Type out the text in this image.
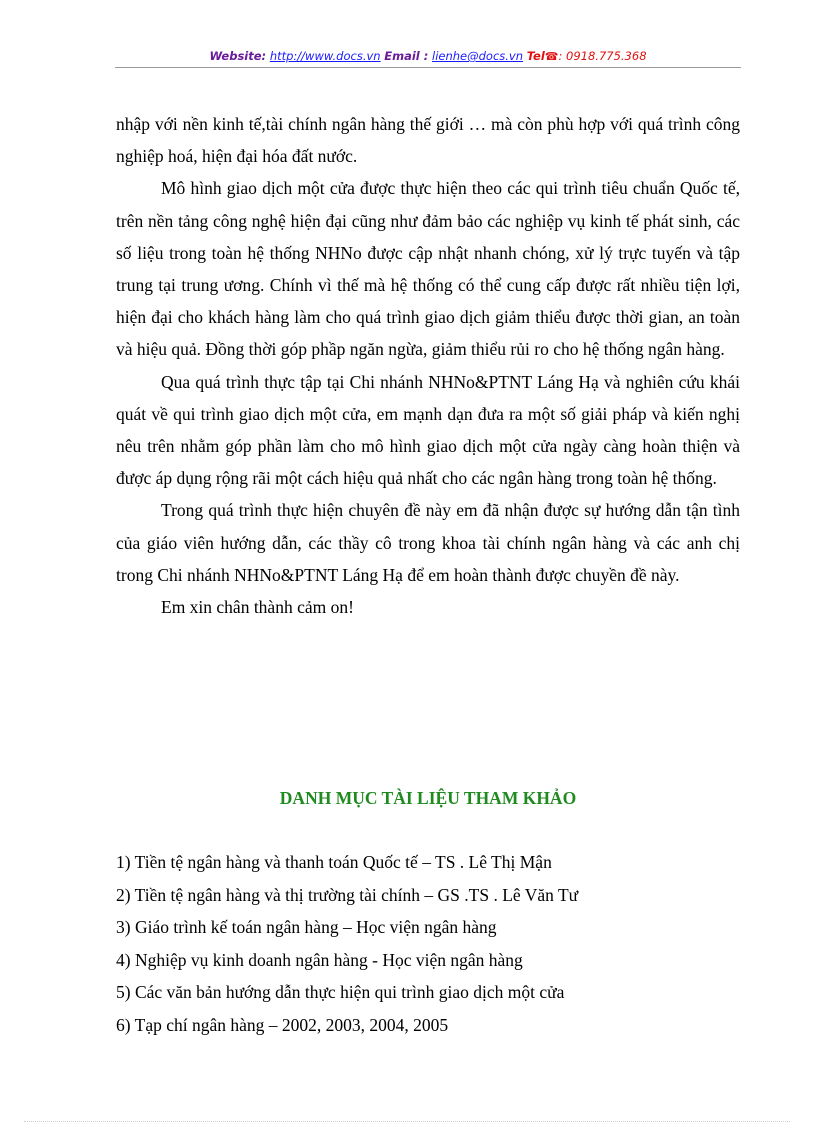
Website: http://www.docs.vn Email : lienhe@docs.vn Tel☎: 0918.775.368

nhập với nền kinh tế,tài chính ngân hàng thế giới … mà còn phù hợp với quá trình công nghiệp hoá, hiện đại hóa đất nước.

Mô hình giao dịch một cửa được thực hiện theo các qui trình tiêu chuẩn Quốc tế, trên nền tảng công nghệ hiện đại cũng như đảm bảo các nghiệp vụ kinh tế phát sinh, các số liệu trong toàn hệ thống NHNo được cập nhật nhanh chóng, xử lý trực tuyến và tập trung tại trung ương. Chính vì thế mà hệ thống có thể cung cấp được rất nhiều tiện lợi, hiện đại cho khách hàng làm cho quá trình giao dịch giảm thiểu được thời gian, an toàn và hiệu quả. Đồng thời góp phầp ngăn ngừa, giảm thiểu rủi ro cho hệ thống ngân hàng.

Qua quá trình thực tập tại Chi nhánh NHNo&PTNT Láng Hạ và nghiên cứu khái quát về qui trình giao dịch một cửa, em mạnh dạn đưa ra một số giải pháp và kiến nghị nêu trên nhằm góp phần làm cho mô hình giao dịch một cửa ngày càng hoàn thiện và được áp dụng rộng rãi một cách hiệu quả nhất cho các ngân hàng trong toàn hệ thống.

Trong quá trình thực hiện chuyên đề này em đã nhận được sự hướng dẫn tận tình của giáo viên hướng dẫn, các thầy cô trong khoa tài chính ngân hàng và các anh chị trong Chi nhánh NHNo&PTNT Láng Hạ để em hoàn thành được chuyền đề này.

Em xin chân thành cảm on!

DANH MỤC TÀI LIỆU THAM KHẢO
1) Tiền tệ ngân hàng và thanh toán Quốc tế – TS . Lê Thị Mận
2) Tiền tệ ngân hàng và thị trường tài chính – GS .TS . Lê Văn Tư
3) Giáo trình kế toán ngân hàng – Học viện ngân hàng
4) Nghiệp vụ kinh doanh ngân hàng - Học viện ngân hàng
5) Các văn bản hướng dẫn thực hiện qui trình giao dịch một cửa
6) Tạp chí ngân hàng – 2002, 2003, 2004, 2005
